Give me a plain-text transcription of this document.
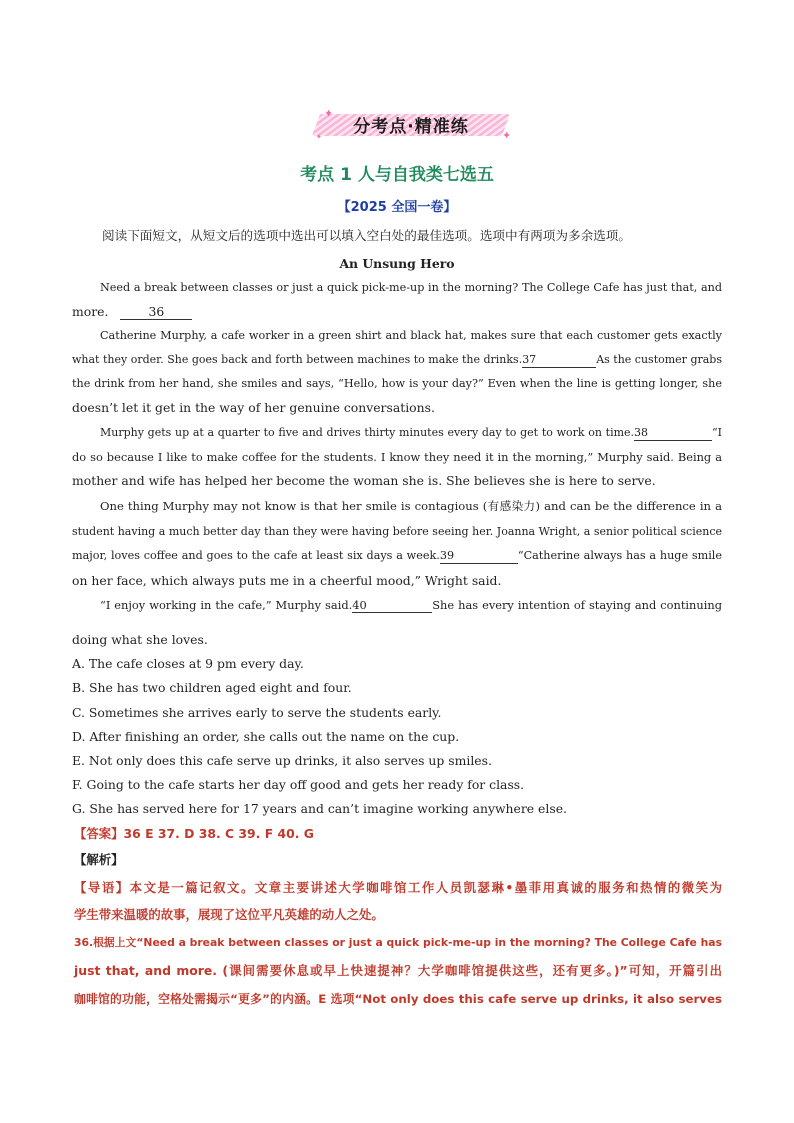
分考点·精准练
✦
✦
✦
考点 1 人与自我类七选五
【2025 全国一卷】
阅读下面短文，从短文后的选项中选出可以填入空白处的最佳选项。选项中有两项为多余选项。
An Unsung Hero
Need a break between classes or just a quick pick-me-up in the morning? The College Cafe has just that, and
more.	36
Catherine Murphy, a cafe worker in a green shirt and black hat, makes sure that each customer gets exactly
what they order. She goes back and forth between machines to make the drinks.37	As the customer grabs
the drink from her hand, she smiles and says, “Hello, how is your day?” Even when the line is getting longer, she
doesn’t let it get in the way of her genuine conversations.
Murphy gets up at a quarter to five and drives thirty minutes every day to get to work on time.38	“I
do so because I like to make coffee for the students. I know they need it in the morning,” Murphy said. Being a
mother and wife has helped her become the woman she is. She believes she is here to serve.
One thing Murphy may not know is that her smile is contagious (有感染力) and can be the difference in a
student having a much better day than they were having before seeing her. Joanna Wright, a senior political science
major, loves coffee and goes to the cafe at least six days a week.39	“Catherine always has a huge smile
on her face, which always puts me in a cheerful mood,” Wright said.
“I enjoy working in the cafe,” Murphy said.40	She has every intention of staying and continuing
doing what she loves.
A. The cafe closes at 9 pm every day.
B. She has two children aged eight and four.
C. Sometimes she arrives early to serve the students early.
D. After finishing an order, she calls out the name on the cup.
E. Not only does this cafe serve up drinks, it also serves up smiles.
F. Going to the cafe starts her day off good and gets her ready for class.
G. She has served here for 17 years and can’t imagine working anywhere else.
【答案】36 E 37. D 38. C 39. F 40. G
【解析】
【导语】本文是一篇记叙文。文章主要讲述大学咖啡馆工作人员凯瑟琳•墨菲用真诚的服务和热情的微笑为
学生带来温暖的故事，展现了这位平凡英雄的动人之处。
36.根据上文“Need a break between classes or just a quick pick-me-up in the morning? The College Cafe has
just that, and more. (课间需要休息或早上快速提神？大学咖啡馆提供这些，还有更多。)”可知，开篇引出
咖啡馆的功能，空格处需揭示“更多”的内涵。E 选项“Not only does this cafe serve up drinks, it also serves
